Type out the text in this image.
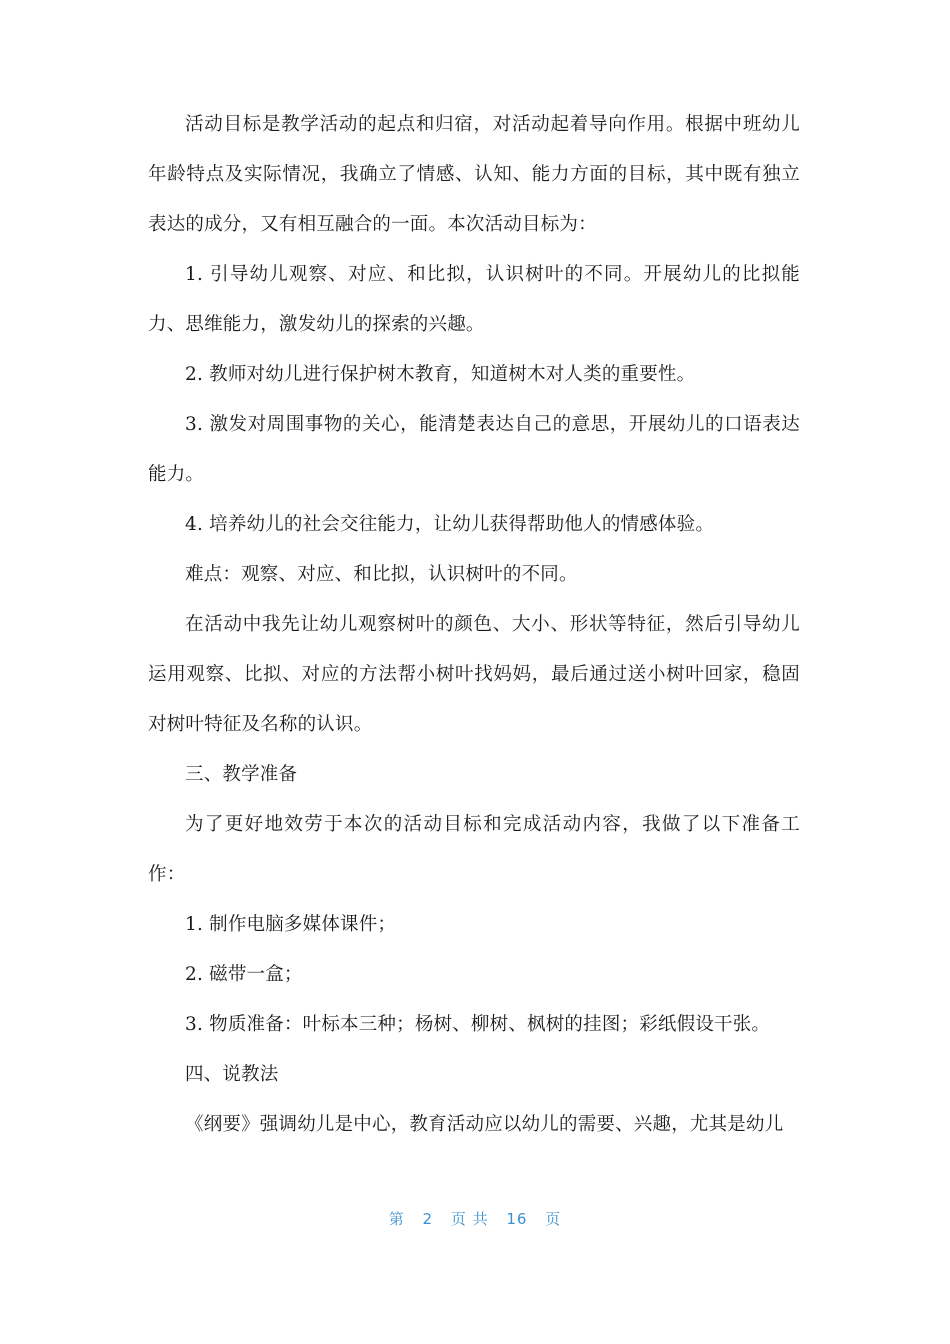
活动目标是教学活动的起点和归宿，对活动起着导向作用。根据中班幼儿年龄特点及实际情况，我确立了情感、认知、能力方面的目标，其中既有独立表达的成分，又有相互融合的一面。本次活动目标为：

1. 引导幼儿观察、对应、和比拟，认识树叶的不同。开展幼儿的比拟能力、思维能力，激发幼儿的探索的兴趣。

2. 教师对幼儿进行保护树木教育，知道树木对人类的重要性。

3. 激发对周围事物的关心，能清楚表达自己的意思，开展幼儿的口语表达能力。

4. 培养幼儿的社会交往能力，让幼儿获得帮助他人的情感体验。

难点：观察、对应、和比拟，认识树叶的不同。

在活动中我先让幼儿观察树叶的颜色、大小、形状等特征，然后引导幼儿运用观察、比拟、对应的方法帮小树叶找妈妈，最后通过送小树叶回家，稳固对树叶特征及名称的认识。

三、教学准备

为了更好地效劳于本次的活动目标和完成活动内容，我做了以下准备工作：

1. 制作电脑多媒体课件；

2. 磁带一盒；

3. 物质准备：叶标本三种；杨树、柳树、枫树的挂图；彩纸假设干张。

四、说教法

《纲要》强调幼儿是中心，教育活动应以幼儿的需要、兴趣，尤其是幼儿

第 2 页 共 16 页
